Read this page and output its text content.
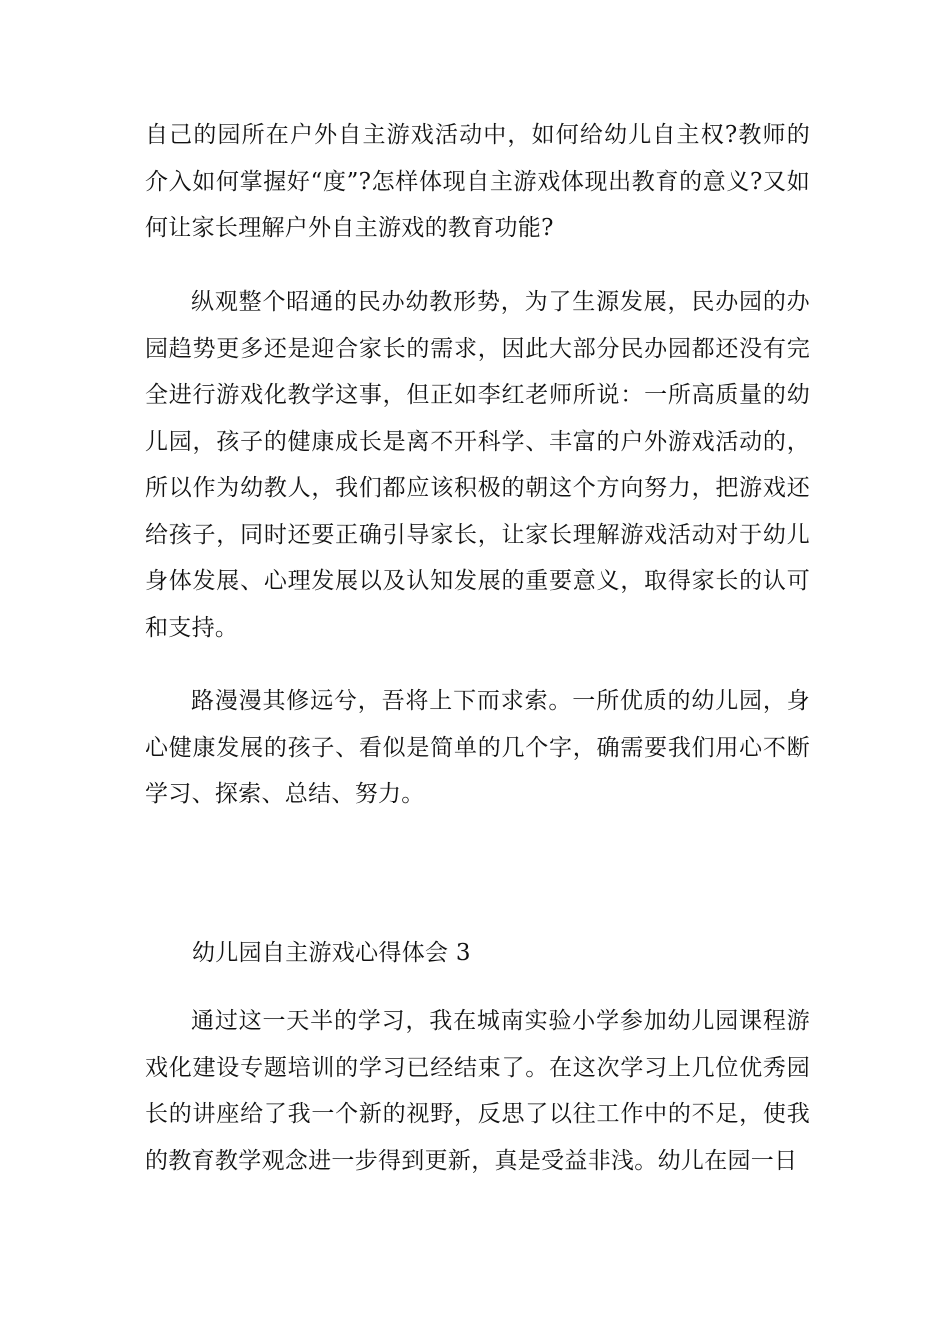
自己的园所在户外自主游戏活动中，如何给幼儿自主权?教师的介入如何掌握好“度”?怎样体现自主游戏体现出教育的意义?又如何让家长理解户外自主游戏的教育功能?
纵观整个昭通的民办幼教形势，为了生源发展，民办园的办园趋势更多还是迎合家长的需求，因此大部分民办园都还没有完全进行游戏化教学这事，但正如李红老师所说：一所高质量的幼儿园，孩子的健康成长是离不开科学、丰富的户外游戏活动的，所以作为幼教人，我们都应该积极的朝这个方向努力，把游戏还给孩子，同时还要正确引导家长，让家长理解游戏活动对于幼儿身体发展、心理发展以及认知发展的重要意义，取得家长的认可和支持。
路漫漫其修远兮，吾将上下而求索。一所优质的幼儿园，身心健康发展的孩子、看似是简单的几个字，确需要我们用心不断学习、探索、总结、努力。
幼儿园自主游戏心得体会 3
通过这一天半的学习，我在城南实验小学参加幼儿园课程游戏化建设专题培训的学习已经结束了。在这次学习上几位优秀园长的讲座给了我一个新的视野，反思了以往工作中的不足，使我的教育教学观念进一步得到更新，真是受益非浅。幼儿在园一日
